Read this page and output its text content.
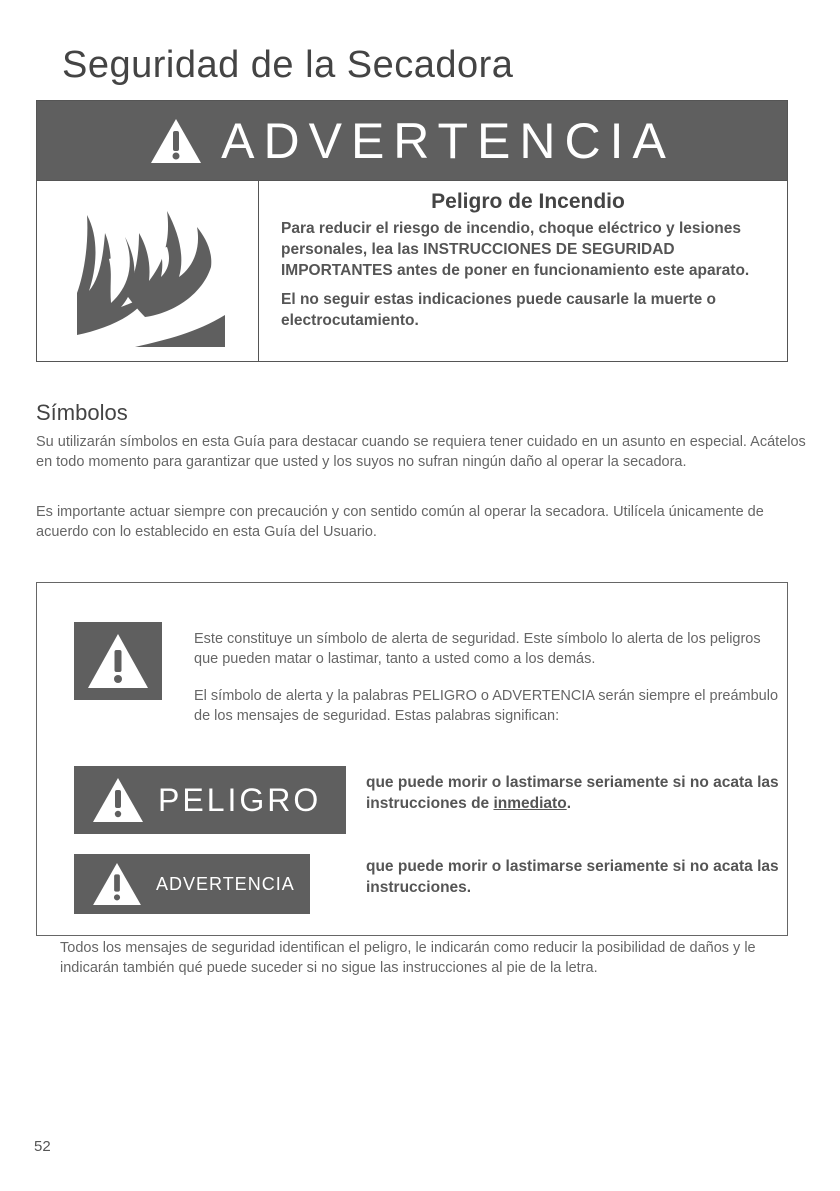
Seguridad de la Secadora
ADVERTENCIA

Peligro de Incendio

Para reducir el riesgo de incendio, choque eléctrico y lesiones personales, lea las INSTRUCCIONES DE SEGURIDAD IMPORTANTES antes de poner en funcionamiento este aparato.

El no seguir estas indicaciones puede causarle la muerte o electrocutamiento.

Símbolos

Su utilizarán símbolos en esta Guía para destacar cuando se requiera tener cuidado en un asunto en especial. Acátelos en todo momento para garantizar que usted y los suyos no sufran ningún daño al operar la secadora.

Es importante actuar siempre con precaución y con sentido común al operar la secadora. Utilícela únicamente de acuerdo con lo establecido en esta Guía del Usuario.

Este constituye un símbolo de alerta de seguridad. Este símbolo lo alerta de los peligros que pueden matar o lastimar, tanto a usted como a los demás.

El símbolo de alerta y la palabras PELIGRO o ADVERTENCIA serán siempre el preámbulo de los mensajes de seguridad. Estas palabras significan:

PELIGRO	que puede morir o lastimarse seriamente si no acata las instrucciones de inmediato.

ADVERTENCIA

que puede morir o lastimarse seriamente si no acata las instrucciones.

Todos los mensajes de seguridad identifican el peligro, le indicarán como reducir la posibilidad de daños y le indicarán también qué puede suceder si no sigue las instrucciones al pie de la letra.

52
